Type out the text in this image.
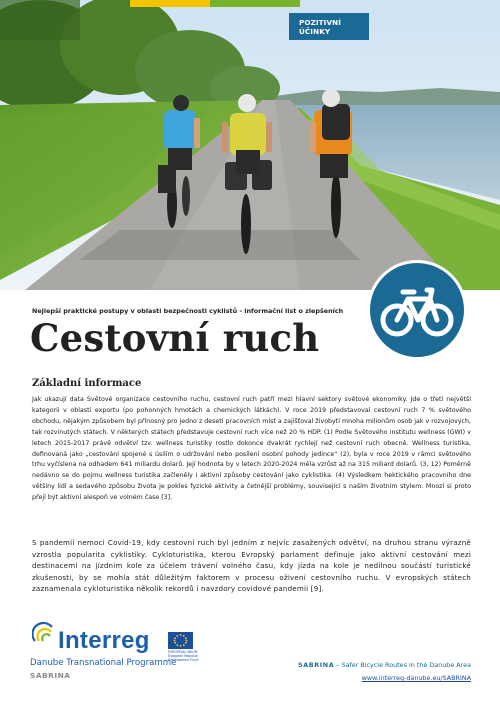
POZITIVNÍ
ÚČINKY
Nejlepší praktické postupy v oblasti bezpečnosti cyklistů - informační list o zlepšeních
Cestovní ruch
Základní informace

Jak ukazují data Světové organizace cestovního ruchu, cestovní ruch patří mezi hlavní sektory světové ekonomiky. Jde o třetí největší kategorii v oblasti exportu (po pohonných hmotách a chemických látkách). V roce 2019 představoval cestovní ruch 7 % světového obchodu, nějakým způsobem byl přínosný pro jedno z deseti pracovních míst a zajišťoval živobytí mnoha milionům osob jak v rozvojových, tak rozvinutých státech. V některých státech představuje cestovní ruch více než 20 % HDP. (1) Podle Světového institutu wellness (GWI) v letech 2015-2017 právě odvětví tzv. wellness turistiky rostlo dokonce dvakrát rychlejí než cestovní ruch obecně. Wellness turistika, definovaná jako „cestování spojené s úsilím o udržování nebo posílení osobní pohody jedince“ (2), byla v roce 2019 v rámci světového trhu vyčíslena na odhadem 641 miliardu dolarů. Její hodnota by v letech 2020-2024 měla vzrůst až na 315 miliard dolarů. (3, 12) Poměrně nedávno se do pojmu wellness turistika začleněly i aktivní způsoby cestování jako cyklistika. (4) Výsledkem hektického pracovního dne většiny lidí a sedavého způsobu života je pokles fyzické aktivity a četnější problémy, související s naším životním stylem. Mnozí si proto přejí být aktivní alespoň ve volném čase [3].

S pandemií nemoci Covid-19, kdy cestovní ruch byl jedním z nejvíc zasažených odvětví, na druhou stranu výrazně vzrostla popularita cyklistiky. Cykloturistika, kterou Evropský parlament definuje jako aktivní cestování mezi destinacemi na jízdním kole za účelem trávení volného času, kdy jízda na kole je nedílnou součástí turistické zkušenosti, by se mohla stát důležitým faktorem v procesu oživení cestovního ruchu. V evropských státech zaznamenala cykloturistika několik rekordů i navzdory covidové pandemii [9].

Interreg	EUROPEAN UNION
European Regional Development Fund
Danube Transnational Programme
SABRINA
SABRINA – Safer Bicycle Routes in the Danube Area
www.interreg-danube.eu/SABRINA
